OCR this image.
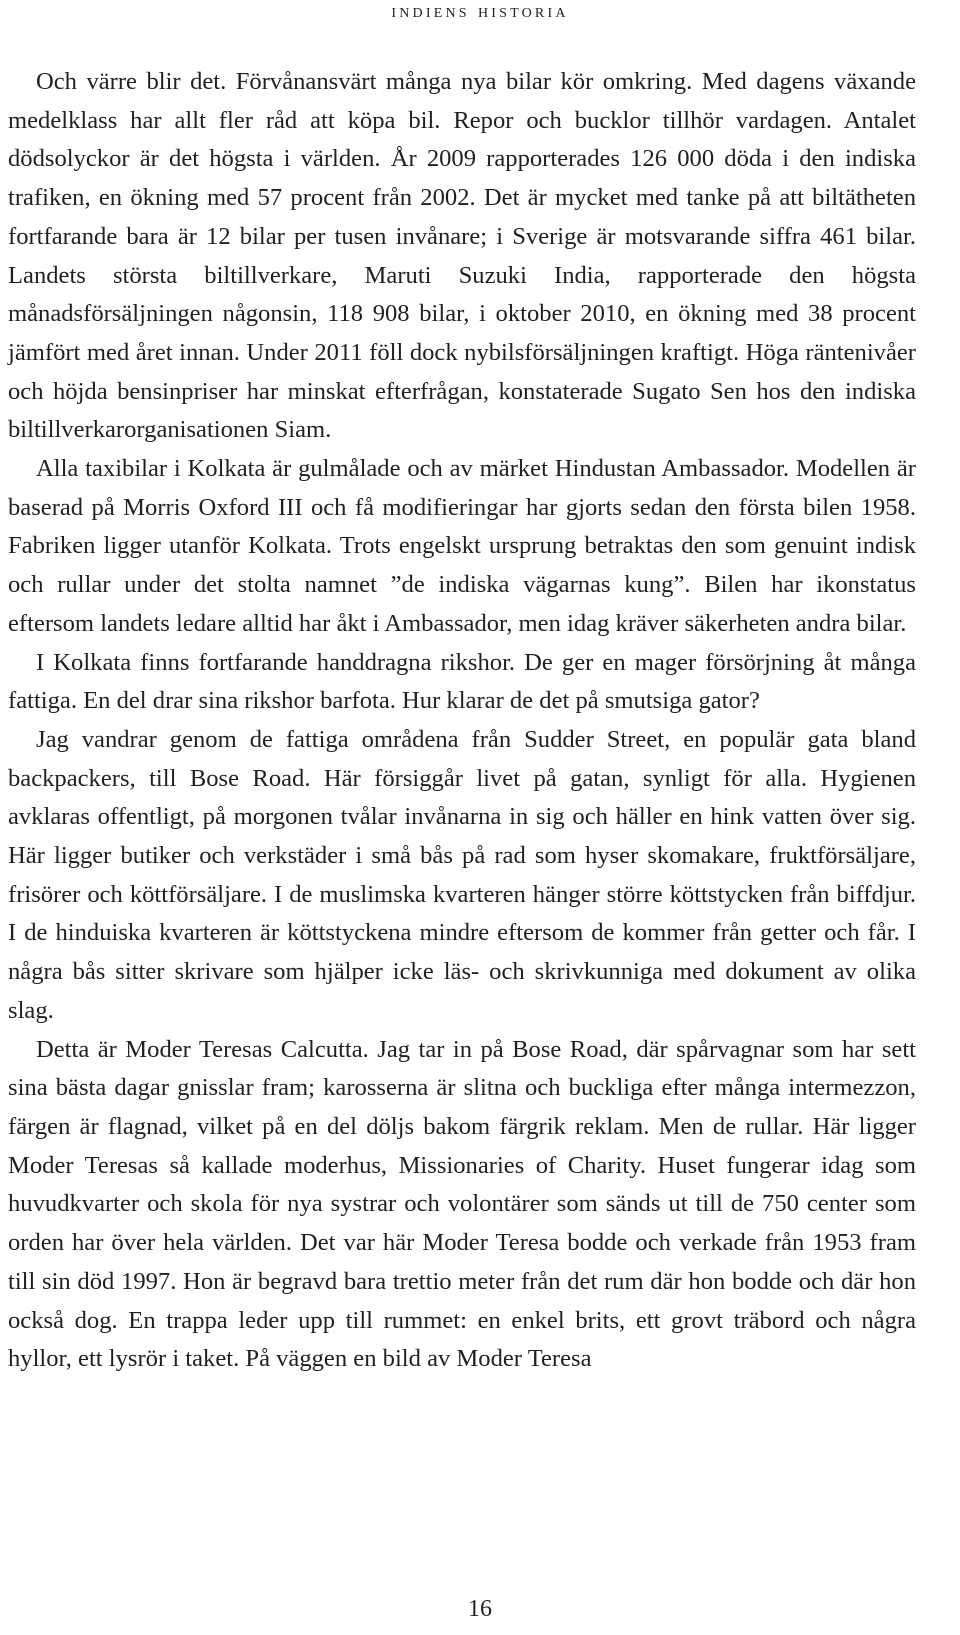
indiens historia

Och värre blir det. Förvånansvärt många nya bilar kör omkring. Med dagens växande medelklass har allt fler råd att köpa bil. Repor och bucklor tillhör vardagen. Antalet dödsolyckor är det högsta i världen. År 2009 rapporterades 126 000 döda i den indiska trafiken, en ökning med 57 procent från 2002. Det är mycket med tanke på att biltätheten fortfarande bara är 12 bilar per tusen invånare; i Sverige är motsvarande siffra 461 bilar. Landets största biltillverkare, Maruti Suzuki India, rapporterade den högsta månadsförsäljningen någonsin, 118 908 bilar, i oktober 2010, en ökning med 38 procent jämfört med året innan. Under 2011 föll dock nybilsförsäljningen kraftigt. Höga räntenivåer och höjda bensinpriser har minskat efterfrågan, konstaterade Sugato Sen hos den indiska biltillverkarorganisationen Siam.

Alla taxibilar i Kolkata är gulmålade och av märket Hindustan Ambassador. Modellen är baserad på Morris Oxford III och få modifieringar har gjorts sedan den första bilen 1958. Fabriken ligger utanför Kolkata. Trots engelskt ursprung betraktas den som genuint indisk och rullar under det stolta namnet ”de indiska vägarnas kung”. Bilen har ikonstatus eftersom landets ledare alltid har åkt i Ambassador, men idag kräver säkerheten andra bilar.

I Kolkata finns fortfarande handdragna rikshor. De ger en mager försörjning åt många fattiga. En del drar sina rikshor barfota. Hur klarar de det på smutsiga gator?

Jag vandrar genom de fattiga områdena från Sudder Street, en populär gata bland backpackers, till Bose Road. Här försiggår livet på gatan, synligt för alla. Hygienen avklaras offentligt, på morgonen tvålar invånarna in sig och häller en hink vatten över sig. Här ligger butiker och verkstäder i små bås på rad som hyser skomakare, fruktförsäljare, frisörer och köttförsäljare. I de muslimska kvarteren hänger större köttstycken från biffdjur. I de hinduiska kvarteren är köttstyckena mindre eftersom de kommer från getter och får. I några bås sitter skrivare som hjälper icke läs- och skrivkunniga med dokument av olika slag.

Detta är Moder Teresas Calcutta. Jag tar in på Bose Road, där spårvagnar som har sett sina bästa dagar gnisslar fram; karosserna är slitna och buckliga efter många intermezzon, färgen är flagnad, vilket på en del döljs bakom färgrik reklam. Men de rullar. Här ligger Moder Teresas så kallade moderhus, Missionaries of Charity. Huset fungerar idag som huvudkvarter och skola för nya systrar och volontärer som sänds ut till de 750 center som orden har över hela världen. Det var här Moder Teresa bodde och verkade från 1953 fram till sin död 1997. Hon är begravd bara trettio meter från det rum där hon bodde och där hon också dog. En trappa leder upp till rummet: en enkel brits, ett grovt träbord och några hyllor, ett lysrör i taket. På väggen en bild av Moder Teresa

16
